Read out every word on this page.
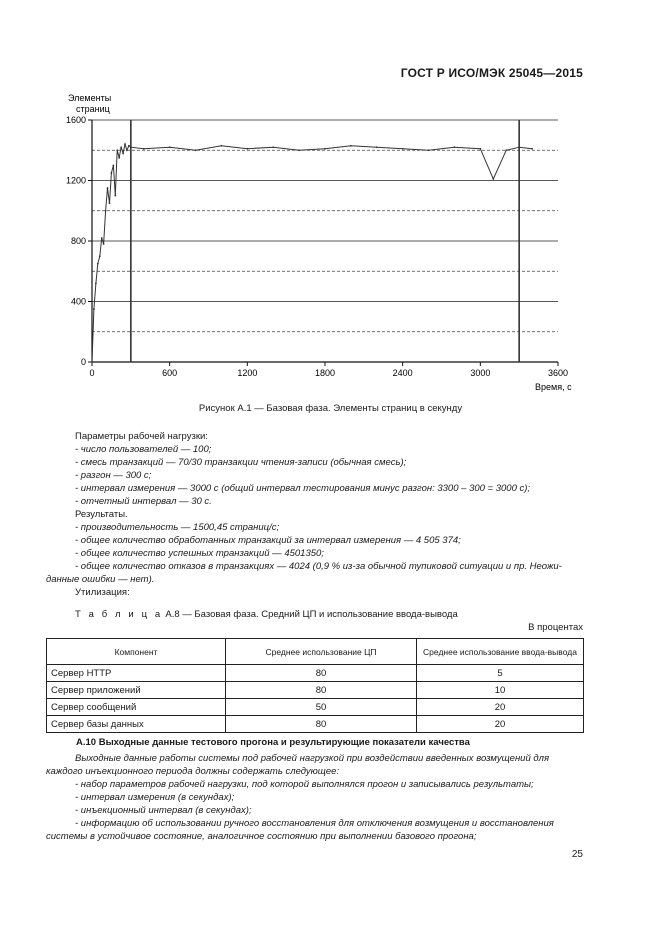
ГОСТ Р ИСО/МЭК 25045—2015
0
400
800
1200
1600
0	600	1200	1800	2400	3000	3600
Элементы
страниц
Время, с
Рисунок А.1 — Базовая фаза. Элементы страниц в секунду
Параметры рабочей нагрузки:
- число пользователей — 100;
- смесь транзакций — 70/30 транзакции чтения-записи (обычная смесь);
- разгон — 300 с;
- интервал измерения — 3000 с (общий интервал тестирования минус разгон: 3300 – 300 = 3000 с);
- отчетный интервал — 30 с.
Результаты.
- производительность — 1500,45 страниц/с;
- общее количество обработанных транзакций за интервал измерения — 4 505 374;
- общее количество успешных транзакций — 4501350;
- общее количество отказов в транзакциях — 4024 (0,9 % из-за обычной тупиковой ситуации и пр. Неожи-
данные ошибки — нет).
Утилизация:
Т а б л и ц а А.8 — Базовая фаза. Средний ЦП и использование ввода-вывода
В процентах
Компонент	Среднее использование ЦП	Среднее использование ввода-вывода
Сервер HTTP	80	5
Сервер приложений	80	10
Сервер сообщений	50	20
Сервер базы данных	80	20
А.10 Выходные данные тестового прогона и результирующие показатели качества
Выходные данные работы системы под рабочей нагрузкой при воздействии введенных возмущений для
каждого инъекционного периода должны содержать следующее:
- набор параметров рабочей нагрузки, под которой выполнялся прогон и записывались результаты;
- интервал измерения (в секундах);
- инъекционный интервал (в секундах);
- информацию об использовании ручного восстановления для отключения возмущения и восстановления
системы в устойчивое состояние, аналогичное состоянию при выполнении базового прогона;
25
